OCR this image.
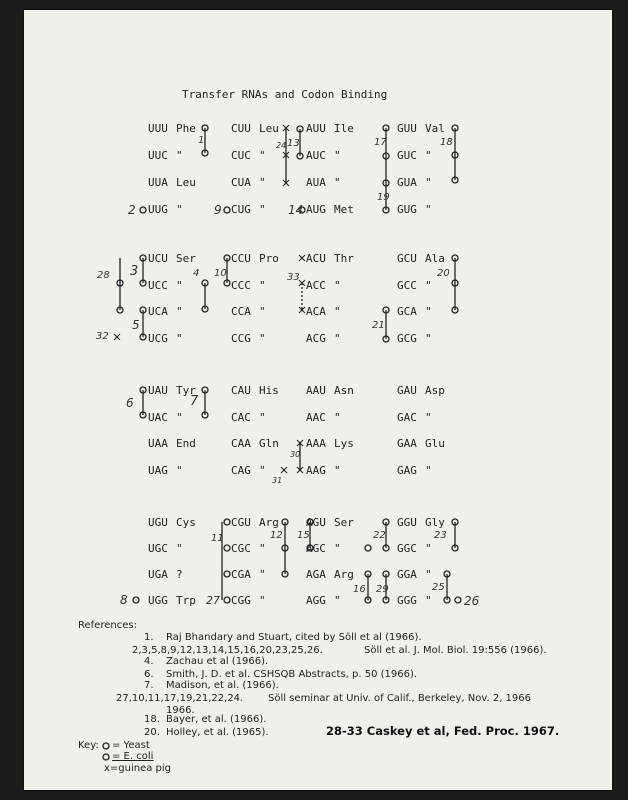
Transfer RNAs and Codon Binding
UUU Phe	CUU Leu AUU Ile	GUU Val
UUC "	CUC "	AUC "	GUC "
UUA Leu	CUA "	AUA "	GUA "
UUG "	CUG "	AUG Met	GUG "
UCU Ser	CCU Pro ACU Thr	GCU Ala
UCC "	CCC "	ACC "	GCC "
UCA "	CCA "	ACA "	GCA "
UCG "	CCG "	ACG "	GCG "
UAU Tyr	CAU His AAU Asn	GAU Asp
UAC "	CAC "	AAC "	GAC "
UAA End	CAA Gln AAA Lys	GAA Glu
UAG "	CAG "	AAG "	GAG "
UGU Cys	CGU Arg AGU Ser	GGU Gly
UGC "	CGC "	AGC "	GGC "
UGA ?	CGA "	AGA Arg	GGA "
UGG Trp	CGG "	AGG "	GGG "
1	24 13	17	18
2	9	14
19
28 3	4 10	33	20
5	21
32
6	7
30
31
11	12 15	22	23
16 29	25
8	27	26
References:
1. Raj Bhandary and Stuart, cited by Söll et al (1966).
2,3,5,8,9,12,13,14,15,16,20,23,25,26.	Söll et al. J. Mol. Biol. 19:556 (1966).
4. Zachau et al (1966).
6. Smith, J. D. et al. CSHSQB Abstracts, p. 50 (1966).
7. Madison, et al. (1966).
27,10,11,17,19,21,22,24. Söll seminar at Univ. of Calif., Berkeley, Nov. 2, 1966
1966.
18. Bayer, et al. (1966).
20. Holley, et al. (1965).	28-33 Caskey et al, Fed. Proc. 1967.
Key: = Yeast
= E. coli
x=guinea pig
